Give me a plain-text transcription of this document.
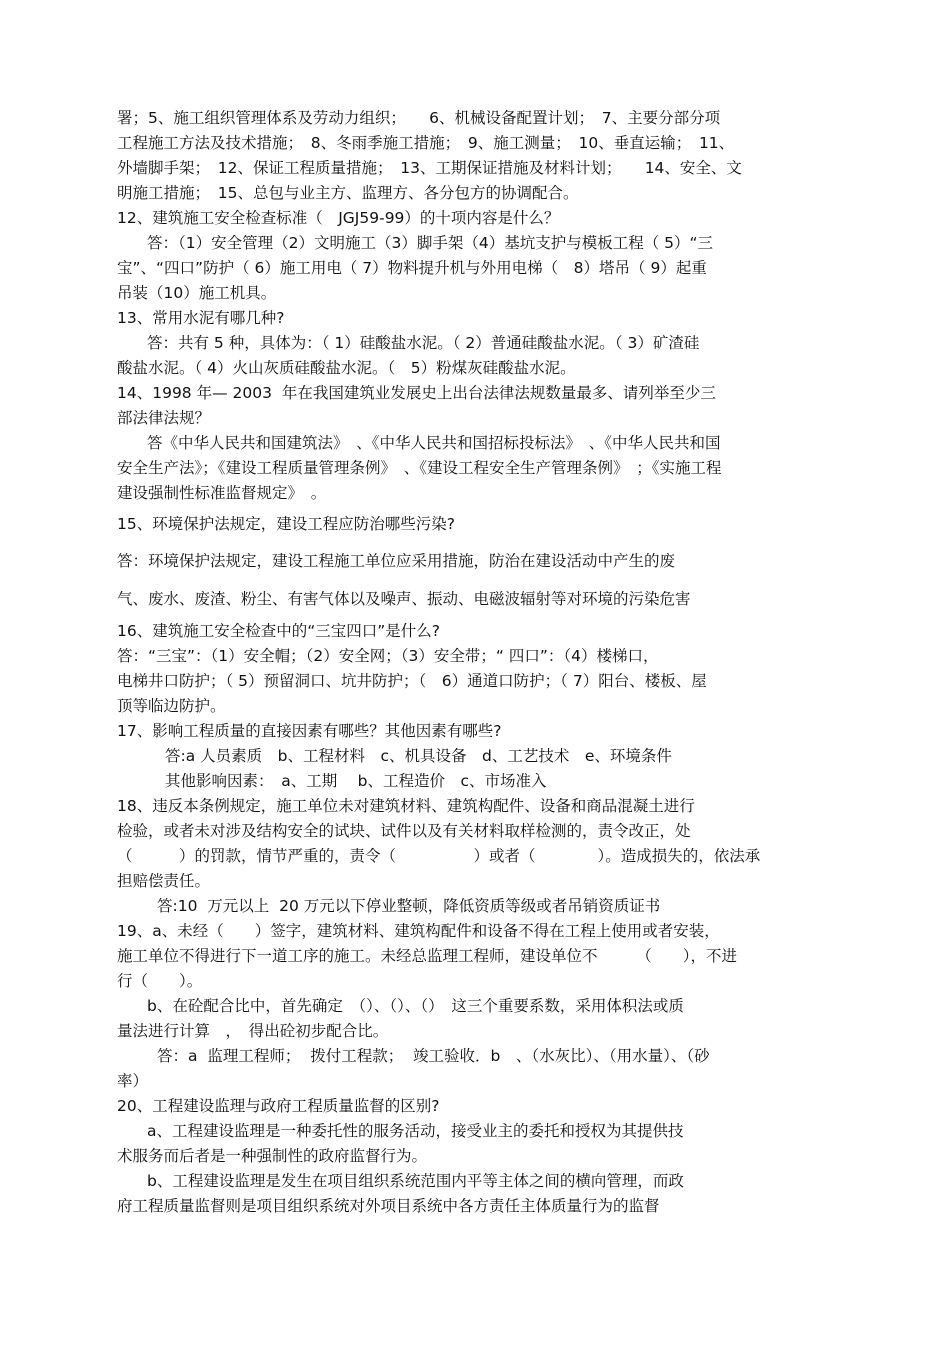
署；5、施工组织管理体系及劳动力组织；　　6、机械设备配置计划；　7、主要分部分项
工程施工方法及技术措施；　8、冬雨季施工措施；　9、施工测量；　10、垂直运输；　11、
外墙脚手架；　12、保证工程质量措施；　13、工期保证措施及材料计划；　　14、安全、文
明施工措施；　15、总包与业主方、监理方、各分包方的协调配合。
12、建筑施工安全检查标准（　JGJ59-99）的十项内容是什么？
答：（1）安全管理（2）文明施工（3）脚手架（4）基坑支护与模板工程（ 5）“三
宝”、“四口”防护（ 6）施工用电（ 7）物料提升机与外用电梯（　8）塔吊（ 9）起重
吊装（10）施工机具。
13、常用水泥有哪几种?
答：共有 5 种，具体为：（ 1）硅酸盐水泥。（ 2）普通硅酸盐水泥。（ 3）矿渣硅
酸盐水泥。（ 4）火山灰质硅酸盐水泥。（　5）粉煤灰硅酸盐水泥。
14、1998 年— 2003  年在我国建筑业发展史上出台法律法规数量最多、请列举至少三
部法律法规？
答《中华人民共和国建筑法》　、《中华人民共和国招标投标法》　、《中华人民共和国
安全生产法》；《建设工程质量管理条例》　、《建设工程安全生产管理条例》　；《实施工程
建设强制性标准监督规定》　。
15、环境保护法规定，建设工程应防治哪些污染?
答：环境保护法规定，建设工程施工单位应采用措施，防治在建设活动中产生的废
气、废水、废渣、粉尘、有害气体以及噪声、振动、电磁波辐射等对环境的污染危害
16、建筑施工安全检查中的“三宝四口”是什么?
答：“三宝”：（1）安全帽；（2）安全网；（3）安全带；“ 四口”：（4）楼梯口，
电梯井口防护；（ 5）预留洞口、坑井防护；（　6）通道口防护；（ 7）阳台、楼板、屋
顶等临边防护。
17、影响工程质量的直接因素有哪些？其他因素有哪些?
答:a 人员素质　b、工程材料　c、机具设备　d、工艺技术　e、环境条件
其他影响因素：　a、工期　 b、工程造价　c、市场准入
18、违反本条例规定，施工单位未对建筑材料、建筑构配件、设备和商品混凝土进行
检验，或者未对涉及结构安全的试块、试件以及有关材料取样检测的，责令改正，处
（　　　）的罚款，情节严重的，责令（　　　　　）或者（　　　　）。造成损失的，依法承
担赔偿责任。
答:10  万元以上  20 万元以下停业整顿，降低资质等级或者吊销资质证书
19、a、未经（　　）签字，建筑材料、建筑构配件和设备不得在工程上使用或者安装，
施工单位不得进行下一道工序的施工。未经总监理工程师，建设单位不　　　（　　），不进
行（　　）。
b、在砼配合比中，首先确定　（）、（）、（）　这三个重要系数，采用体积法或质
量法进行计算　，　得出砼初步配合比。
答：a  监理工程师；  拨付工程款；  竣工验收．b　、（水灰比）、（用水量）、（砂
率）
20、工程建设监理与政府工程质量监督的区别?
a、工程建设监理是一种委托性的服务活动，接受业主的委托和授权为其提供技
术服务而后者是一种强制性的政府监督行为。
b、工程建设监理是发生在项目组织系统范围内平等主体之间的横向管理，而政
府工程质量监督则是项目组织系统对外项目系统中各方责任主体质量行为的监督
